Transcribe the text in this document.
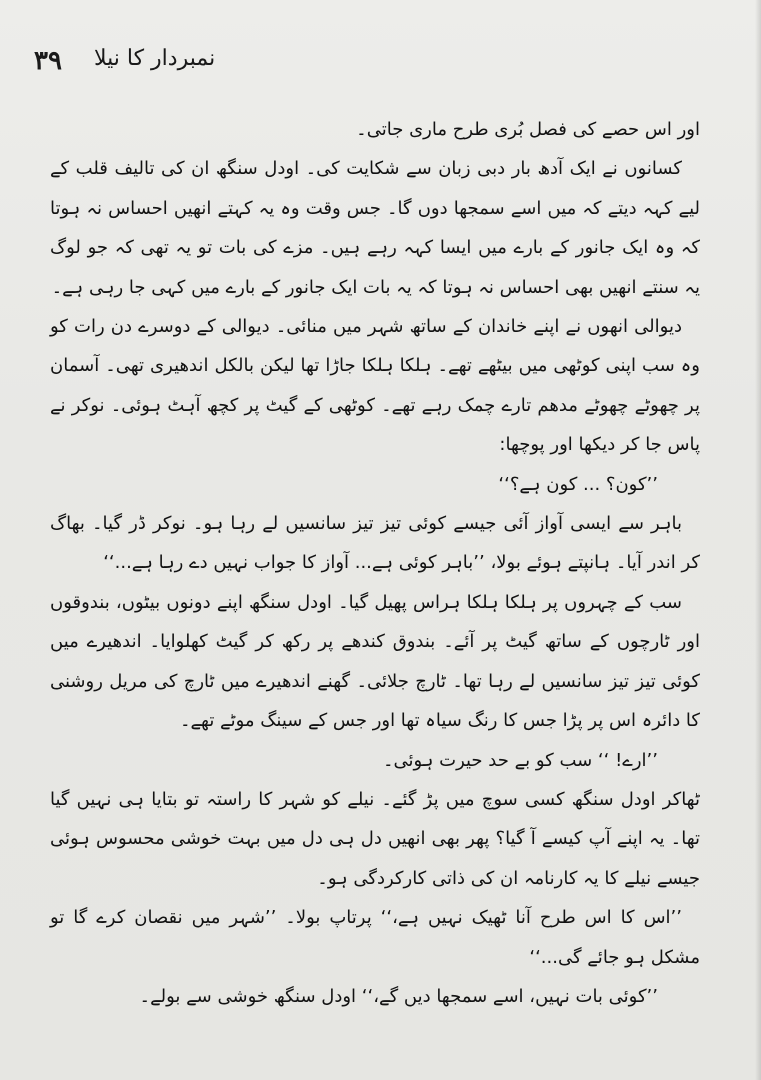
۳۹ نمبردار کا نیلا

اور اس حصے کی فصل بُری طرح ماری جاتی۔

کسانوں نے ایک آدھ بار دبی زبان سے شکایت کی۔ اودل سنگھ ان کی تالیف قلب کے لیے کہہ دیتے کہ میں اسے سمجھا دوں گا۔ جس وقت وہ یہ کہتے انھیں احساس نہ ہوتا کہ وہ ایک جانور کے بارے میں ایسا کہہ رہے ہیں۔ مزے کی بات تو یہ تھی کہ جو لوگ یہ سنتے انھیں بھی احساس نہ ہوتا کہ یہ بات ایک جانور کے بارے میں کہی جا رہی ہے۔

دیوالی انھوں نے اپنے خاندان کے ساتھ شہر میں منائی۔ دیوالی کے دوسرے دن رات کو وہ سب اپنی کوٹھی میں بیٹھے تھے۔ ہلکا ہلکا جاڑا تھا لیکن بالکل اندھیری تھی۔ آسمان پر چھوٹے چھوٹے مدھم تارے چمک رہے تھے۔ کوٹھی کے گیٹ پر کچھ آہٹ ہوئی۔ نوکر نے پاس جا کر دیکھا اور پوچھا:

’’کون؟ ... کون ہے؟‘‘

باہر سے ایسی آواز آئی جیسے کوئی تیز تیز سانسیں لے رہا ہو۔ نوکر ڈر گیا۔ بھاگ کر اندر آیا۔ ہانپتے ہوئے بولا، ’’باہر کوئی ہے... آواز کا جواب نہیں دے رہا ہے...‘‘

سب کے چہروں پر ہلکا ہلکا ہراس پھیل گیا۔ اودل سنگھ اپنے دونوں بیٹوں، بندوقوں اور ٹارچوں کے ساتھ گیٹ پر آئے۔ بندوق کندھے پر رکھ کر گیٹ کھلوایا۔ اندھیرے میں کوئی تیز تیز سانسیں لے رہا تھا۔ ٹارچ جلائی۔ گھنے اندھیرے میں ٹارچ کی مریل روشنی کا دائرہ اس پر پڑا جس کا رنگ سیاہ تھا اور جس کے سینگ موٹے تھے۔

’’ارے! ‘‘ سب کو بے حد حیرت ہوئی۔

ٹھاکر اودل سنگھ کسی سوچ میں پڑ گئے۔ نیلے کو شہر کا راستہ تو بتایا ہی نہیں گیا تھا۔ یہ اپنے آپ کیسے آ گیا؟ پھر بھی انھیں دل ہی دل میں بہت خوشی محسوس ہوئی جیسے نیلے کا یہ کارنامہ ان کی ذاتی کارکردگی ہو۔

’’اس کا اس طرح آنا ٹھیک نہیں ہے،‘‘ پرتاپ بولا۔ ’’شہر میں نقصان کرے گا تو مشکل ہو جائے گی...‘‘

’’کوئی بات نہیں، اسے سمجھا دیں گے،‘‘ اودل سنگھ خوشی سے بولے۔
